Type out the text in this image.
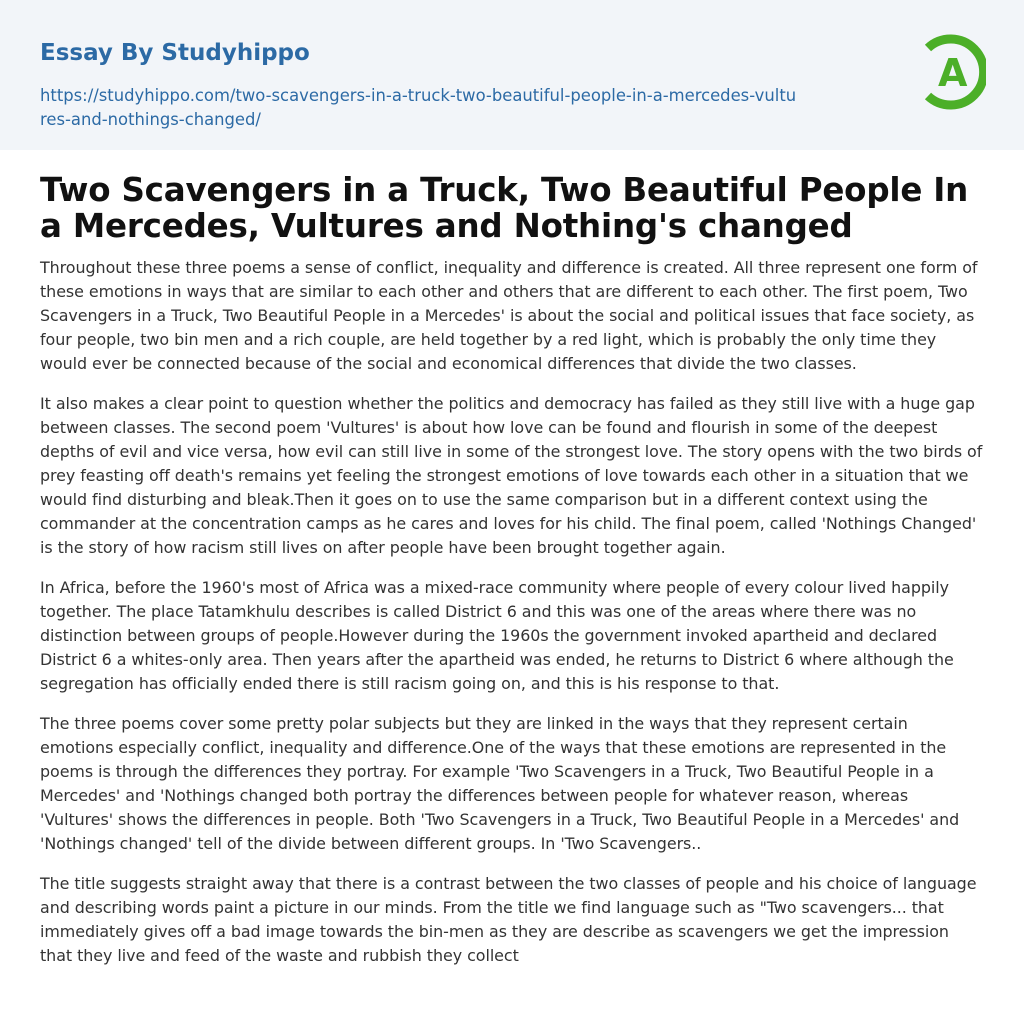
Essay By Studyhippo
https://studyhippo.com/two-scavengers-in-a-truck-two-beautiful-people-in-a-mercedes-vultures-and-nothings-changed/
A
Two Scavengers in a Truck, Two Beautiful People In a Mercedes, Vultures and Nothing's changed

Throughout these three poems a sense of conflict, inequality and difference is created. All three represent one form of these emotions in ways that are similar to each other and others that are different to each other. The first poem, Two Scavengers in a Truck, Two Beautiful People in a Mercedes' is about the social and political issues that face society, as four people, two bin men and a rich couple, are held together by a red light, which is probably the only time they would ever be connected because of the social and economical differences that divide the two classes.

It also makes a clear point to question whether the politics and democracy has failed as they still live with a huge gap between classes. The second poem 'Vultures' is about how love can be found and flourish in some of the deepest depths of evil and vice versa, how evil can still live in some of the strongest love. The story opens with the two birds of prey feasting off death's remains yet feeling the strongest emotions of love towards each other in a situation that we would find disturbing and bleak.Then it goes on to use the same comparison but in a different context using the commander at the concentration camps as he cares and loves for his child. The final poem, called 'Nothings Changed' is the story of how racism still lives on after people have been brought together again.

In Africa, before the 1960's most of Africa was a mixed-race community where people of every colour lived happily together. The place Tatamkhulu describes is called District 6 and this was one of the areas where there was no distinction between groups of people.However during the 1960s the government invoked apartheid and declared District 6 a whites-only area. Then years after the apartheid was ended, he returns to District 6 where although the segregation has officially ended there is still racism going on, and this is his response to that.

The three poems cover some pretty polar subjects but they are linked in the ways that they represent certain emotions especially conflict, inequality and difference.One of the ways that these emotions are represented in the poems is through the differences they portray. For example 'Two Scavengers in a Truck, Two Beautiful People in a Mercedes' and 'Nothings changed both portray the differences between people for whatever reason, whereas 'Vultures' shows the differences in people. Both 'Two Scavengers in a Truck, Two Beautiful People in a Mercedes' and 'Nothings changed' tell of the divide between different groups. In 'Two Scavengers..

The title suggests straight away that there is a contrast between the two classes of people and his choice of language and describing words paint a picture in our minds. From the title we find language such as "Two scavengers... that immediately gives off a bad image towards the bin-men as they are describe as scavengers we get the impression that they live and feed of the waste and rubbish they collect
